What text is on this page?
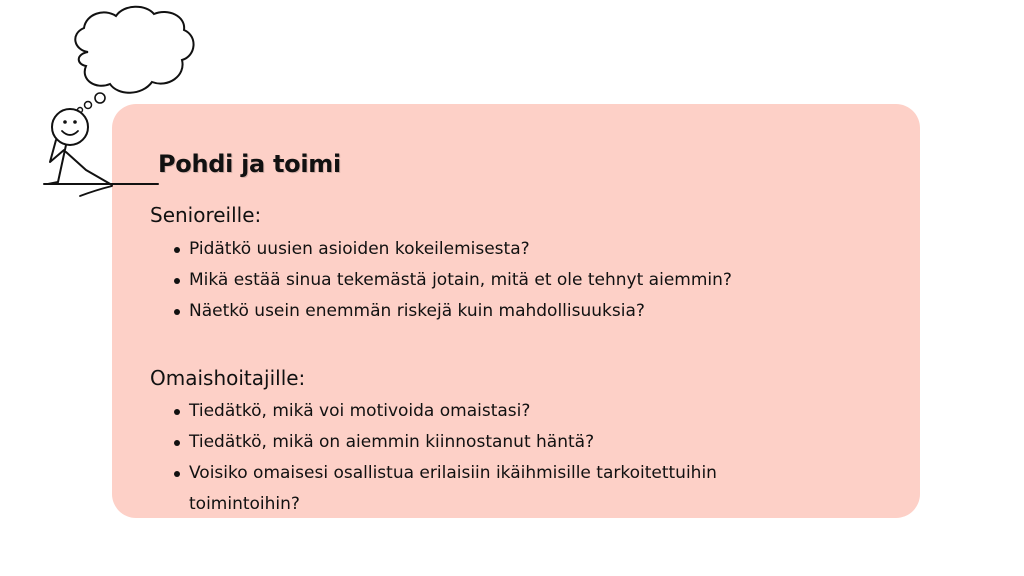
Pohdi ja toimi
Senioreille:
Pidätkö uusien asioiden kokeilemisesta?
Mikä estää sinua tekemästä jotain, mitä et ole tehnyt aiemmin?
Näetkö usein enemmän riskejä kuin mahdollisuuksia?
Omaishoitajille:
Tiedätkö, mikä voi motivoida omaistasi?
Tiedätkö, mikä on aiemmin kiinnostanut häntä?
Voisiko omaisesi osallistua erilaisiin ikäihmisille tarkoitettuihin toimintoihin?
